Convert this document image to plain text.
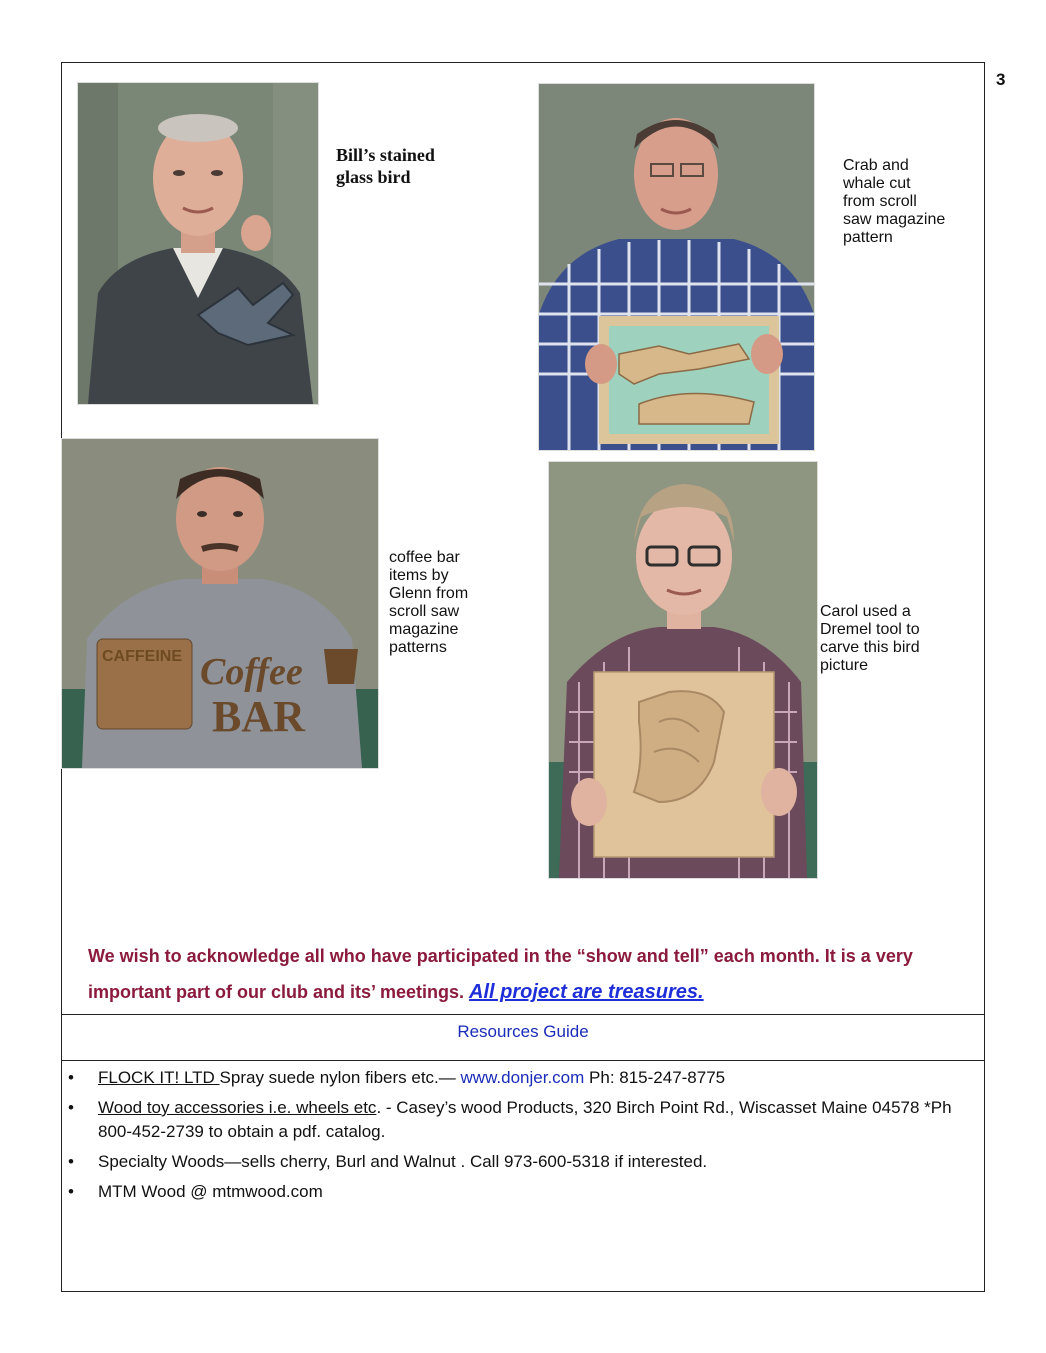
3
Bill’s stained
glass bird
Crab and
whale cut
from scroll
saw magazine
pattern
CAFFEINE Coffee
BAR
coffee bar
items by
Glenn from
scroll saw
magazine
patterns
Carol used a
Dremel tool to
carve this bird
picture
We wish to acknowledge all who have participated in the “show and tell” each month. It is a very important part of our club and its’ meetings. All project are treasures.
Resources Guide
• FLOCK IT! LTD Spray suede nylon fibers etc.— www.donjer.com Ph: 815-247-8775
• Wood toy accessories i.e. wheels etc. - Casey’s wood Products, 320 Birch Point Rd., Wiscasset Maine 04578 *Ph 800-452-2739 to obtain a pdf. catalog.
• Specialty Woods—sells cherry, Burl and Walnut . Call 973-600-5318 if interested.
• MTM Wood @ mtmwood.com
